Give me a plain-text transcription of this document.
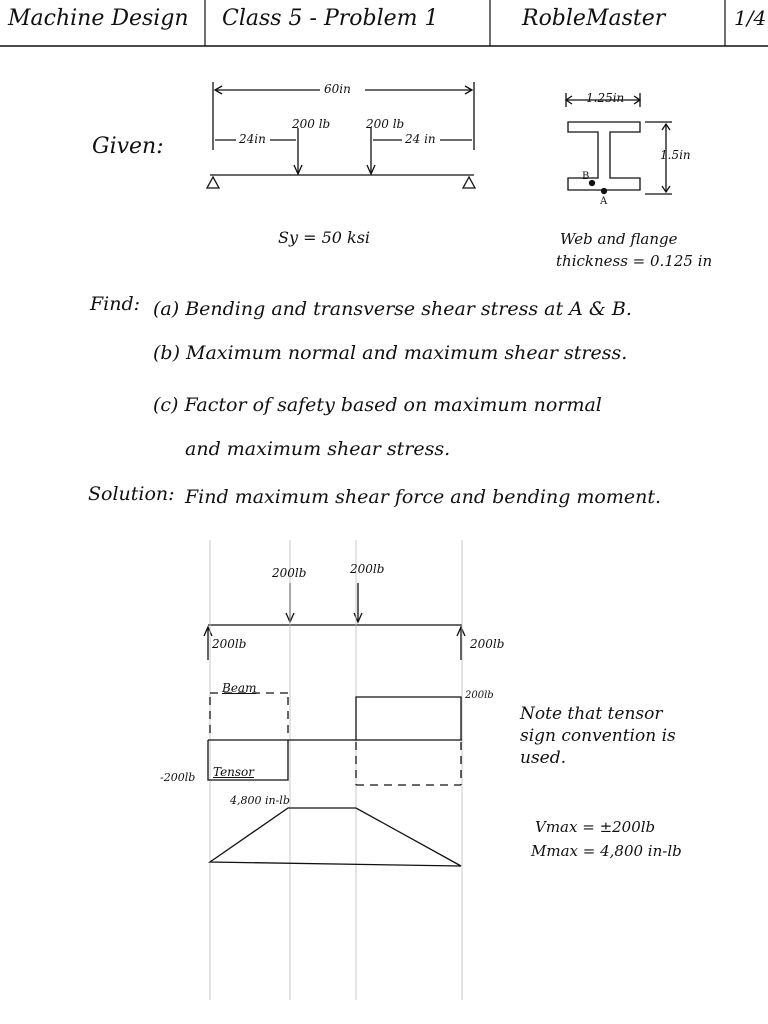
Machine Design Class 5 - Problem 1	RobleMaster	1/4
Given:
60in
200 lb	200 lb
24in	24 in
Sy = 50 ksi
1.25in
1.5in
B
A
Web and flange
thickness = 0.125 in
Find: (a) Bending and transverse shear stress at A & B.
(b) Maximum normal and maximum shear stress.
(c) Factor of safety based on maximum normal
and maximum shear stress.
Solution: Find maximum shear force and bending moment.
200lb	200lb
200lb	200lb
200lb
-200lb
Beam
Tensor
4,800 in-lb
Note that tensor
sign convention is
used.
Vmax = ±200lb
Mmax = 4,800 in-lb
